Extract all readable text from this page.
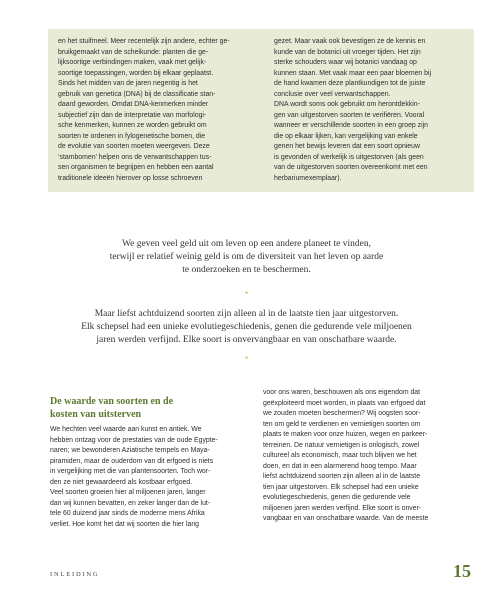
en het stuifmeel. Meer recentelijk zijn andere, echter ge-
bruikgemaakt van de scheikunde: planten die ge-
lijksoortige verbindingen maken, vaak met gelijk-
soortige toepassingen, worden bij elkaar geplaatst.
Sinds het midden van de jaren negentig is het
gebruik van genetica (DNA) bij de classificatie stan-
daard geworden. Omdat DNA-kenmerken minder
subjectief zijn dan de interpretatie van morfologi-
sche kenmerken, kunnen ze worden gebruikt om
soorten te ordenen in fylogenetische bomen, die
de evolutie van soorten moeten weergeven. Deze
‘stambomen’ helpen ons de verwantschappen tus-
sen organismen te begrijpen en hebben een aantal
traditionele ideeën hierover op losse schroeven

gezet. Maar vaak ook bevestigen ze de kennis en
kunde van de botanici uit vroeger tijden. Het zijn
sterke schouders waar wij botanici vandaag op
kunnen staan. Met vaak maar een paar bloemen bij
de hand kwamen deze plantkundigen tot de juiste
conclusie over veel verwantschappen.
DNA wordt soms ook gebruikt om herontdekkin-
gen van uitgestorven soorten te verifiëren. Vooral
wanneer er verschillende soorten in een groep zijn
die op elkaar lijken, kan vergelijking van enkele
genen het bewijs leveren dat een soort opnieuw
is gevonden of werkelijk is uitgestorven (als geen
van de uitgestorven soorten overeenkomt met een
herbariumexemplaar).

We geven veel geld uit om leven op een andere planeet te vinden,
terwijl er relatief weinig geld is om de diversiteit van het leven op aarde
te onderzoeken en te beschermen.

*

Maar liefst achtduizend soorten zijn alleen al in de laatste tien jaar uitgestorven.
Elk schepsel had een unieke evolutiegeschiedenis, genen die gedurende vele miljoenen
jaren werden verfijnd. Elke soort is onvervangbaar en van onschatbare waarde.

*

De waarde van soorten en de
kosten van uitsterven

We hechten veel waarde aan kunst en antiek. We
hebben ontzag voor de prestaties van de oude Egypte-
naren; we bewonderen Aziatische tempels en Maya-
piramiden, maar de ouderdom van dit erfgoed is niets
in vergelijking met die van plantensoorten. Toch wor-
den ze niet gewaardeerd als kostbaar erfgoed.
Veel soorten groeien hier al miljoenen jaren, langer
dan wij kunnen bevatten, en zeker langer dan de lut-
tele 60 duizend jaar sinds de moderne mens Afrika
verliet. Hoe komt het dat wij soorten die hier lang

voor ons waren, beschouwen als ons eigendom dat
geëxploiteerd moet worden, in plaats van erfgoed dat
we zouden moeten beschermen? Wij oogsten soor-
ten om geld te verdienen en vernietigen soorten om
plaats te maken voor onze huizen, wegen en parkeer-
terreinen. De natuur vernietigen is onlogisch, zowel
cultureel als economisch, maar toch blijven we het
doen, en dat in een alarmerend hoog tempo. Maar
liefst achtduizend soorten zijn alleen al in de laatste
tien jaar uitgestorven. Elk schepsel had een unieke
evolutiegeschiedenis, genen die gedurende vele
miljoenen jaren werden verfijnd. Elke soort is onver-
vangbaar en van onschatbare waarde. Van de meeste

INLEIDING	15
